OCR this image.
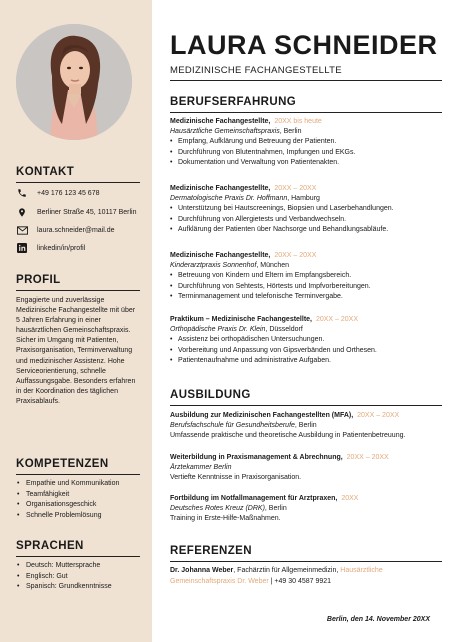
KONTAKT
+49 176 123 45 678
Berliner Straße 45, 10117 Berlin
laura.schneider@mail.de
linkedin/in/profil
PROFIL
Engagierte und zuverlässige Medizinische Fachangestellte mit über 5 Jahren Erfahrung in einer hausärztlichen Gemeinschaftspraxis. Sicher im Umgang mit Patienten, Praxisorganisation, Terminverwaltung und medizinischer Assistenz. Hohe Serviceorientierung, schnelle Auffassungsgabe. Besonders erfahren in der Koordination des täglichen Praxisablaufs.
KOMPETENZEN
• Empathie und Kommunikation
• Teamfähigkeit
• Organisationsgeschick
• Schnelle Problemlösung
SPRACHEN
• Deutsch: Muttersprache
• Englisch: Gut
• Spanisch: Grundkenntnisse
LAURA SCHNEIDER
MEDIZINISCHE FACHANGESTELLTE
BERUFSERFAHRUNG
Medizinische Fachangestellte, 20XX bis heute
Hausärztliche Gemeinschaftspraxis, Berlin
• Empfang, Aufklärung und Betreuung der Patienten.
• Durchführung von Blutentnahmen, Impfungen und EKGs.
• Dokumentation und Verwaltung von Patientenakten.
Medizinische Fachangestellte, 20XX – 20XX
Dermatologische Praxis Dr. Hoffmann, Hamburg
• Unterstützung bei Hautscreenings, Biopsien und Laserbehandlungen.
• Durchführung von Allergietests und Verbandwechseln.
• Aufklärung der Patienten über Nachsorge und Behandlungsabläufe.
Medizinische Fachangestellte, 20XX – 20XX
Kinderarztpraxis Sonnenhof, München
• Betreuung von Kindern und Eltern im Empfangsbereich.
• Durchführung von Sehtests, Hörtests und Impfvorbereitungen.
• Terminmanagement und telefonische Terminvergabe.
Praktikum – Medizinische Fachangestellte, 20XX – 20XX
Orthopädische Praxis Dr. Klein, Düsseldorf
• Assistenz bei orthopädischen Untersuchungen.
• Vorbereitung und Anpassung von Gipsverbänden und Orthesen.
• Patientenaufnahme und administrative Aufgaben.
AUSBILDUNG
Ausbildung zur Medizinischen Fachangestellten (MFA), 20XX – 20XX
Berufsfachschule für Gesundheitsberufe, Berlin
Umfassende praktische und theoretische Ausbildung in Patientenbetreuung.
Weiterbildung in Praxismanagement & Abrechnung, 20XX – 20XX
Ärztekammer Berlin
Vertiefte Kenntnisse in Praxisorganisation.
Fortbildung im Notfallmanagement für Arztpraxen, 20XX
Deutsches Rotes Kreuz (DRK), Berlin
Training in Erste-Hilfe-Maßnahmen.
REFERENZEN
Dr. Johanna Weber, Fachärztin für Allgemeinmedizin, Hausärztliche Gemeinschaftspraxis Dr. Weber | +49 30 4587 9921
Berlin, den 14. November 20XX
